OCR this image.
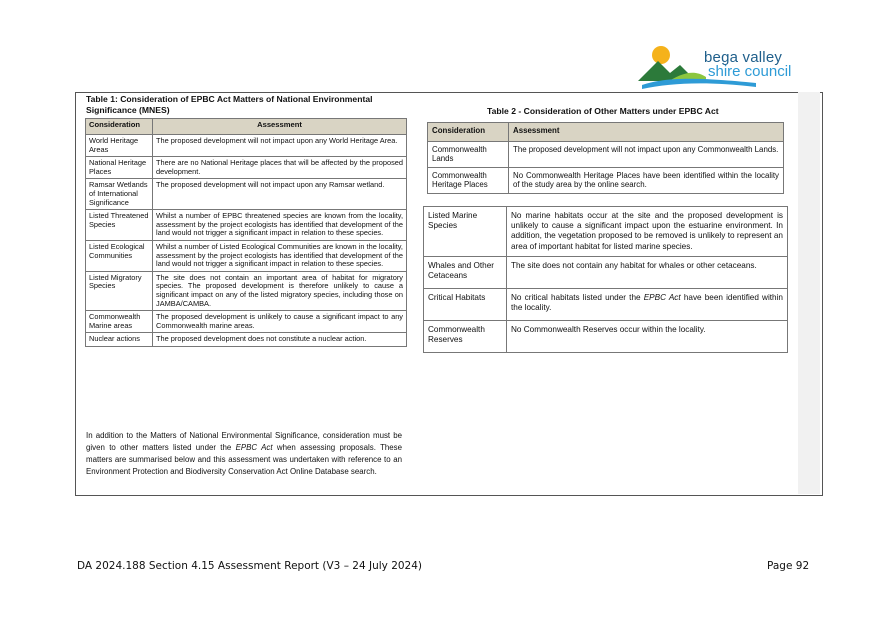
bega valley
shire council
Table 1: Consideration of EPBC Act Matters of National Environmental Significance (MNES)
Consideration	Assessment
World Heritage Areas	The proposed development will not impact upon any World Heritage Area.
National Heritage Places	There are no National Heritage places that will be affected by the proposed development.
Ramsar Wetlands of International Significance	The proposed development will not impact upon any Ramsar wetland.
Listed Threatened Species	Whilst a number of EPBC threatened species are known from the locality, assessment by the project ecologists has identified that development of the land would not trigger a significant impact in relation to these species.
Listed Ecological Communities	Whilst a number of Listed Ecological Communities are known in the locality, assessment by the project ecologists has identified that development of the land would not trigger a significant impact in relation to these species.
Listed Migratory Species	The site does not contain an important area of habitat for migratory species. The proposed development is therefore unlikely to cause a significant impact on any of the listed migratory species, including those on JAMBA/CAMBA.
Commonwealth Marine areas	The proposed development is unlikely to cause a significant impact to any Commonwealth marine areas.
Nuclear actions	The proposed development does not constitute a nuclear action.
In addition to the Matters of National Environmental Significance, consideration must be given to other matters listed under the EPBC Act when assessing proposals. These matters are summarised below and this assessment was undertaken with reference to an Environment Protection and Biodiversity Conservation Act Online Database search.
Table 2 - Consideration of Other Matters under EPBC Act
Consideration	Assessment
Commonwealth Lands	The proposed development will not impact upon any Commonwealth Lands.
Commonwealth Heritage Places	No Commonwealth Heritage Places have been identified within the locality of the study area by the online search.
Listed Marine Species	No marine habitats occur at the site and the proposed development is unlikely to cause a significant impact upon the estuarine environment. In addition, the vegetation proposed to be removed is unlikely to represent an area of important habitat for listed marine species.
Whales and Other Cetaceans	The site does not contain any habitat for whales or other cetaceans.
Critical Habitats	No critical habitats listed under the EPBC Act have been identified within the locality.
Commonwealth Reserves	No Commonwealth Reserves occur within the locality.
DA 2024.188 Section 4.15 Assessment Report (V3 – 24 July 2024)	Page 92
